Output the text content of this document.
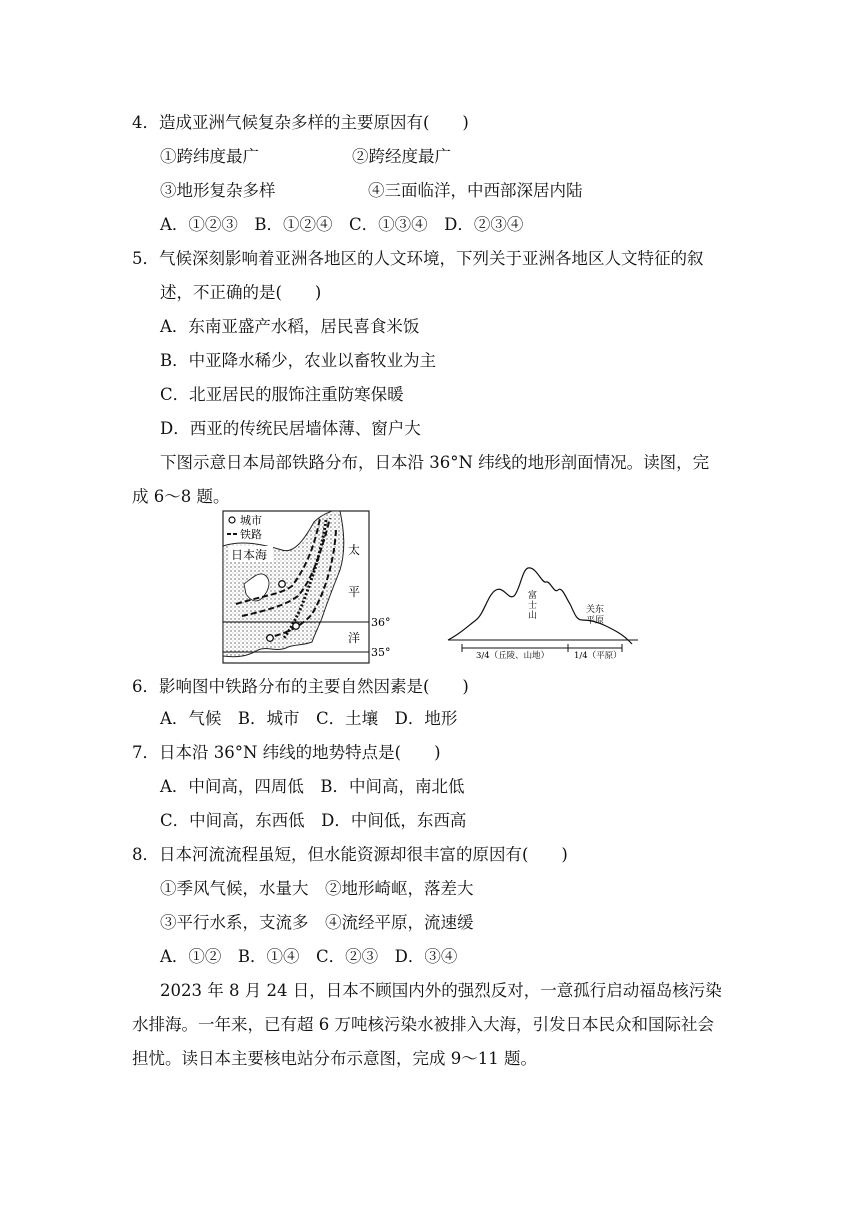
4．造成亚洲气候复杂多样的主要原因有(　　)
①跨纬度最广	②跨经度最广
③地形复杂多样	④三面临洋，中西部深居内陆
A．①②③　B．①②④　C．①③④　D．②③④
5．气候深刻影响着亚洲各地区的人文环境，下列关于亚洲各地区人文特征的叙
述，不正确的是(　　)
A．东南亚盛产水稻，居民喜食米饭
B．中亚降水稀少，农业以畜牧业为主
C．北亚居民的服饰注重防寒保暖
D．西亚的传统民居墙体薄、窗户大
下图示意日本局部铁路分布，日本沿 36°N 纬线的地形剖面情况。读图，完
成 6～8 题。
城市
铁路
日本海	太
平
洋
36°
35°
富
士
山
关东
平原
3/4（丘陵、山地）	1/4（平原）
6．影响图中铁路分布的主要自然因素是(　　)
A．气候　B．城市　C．土壤　D．地形
7．日本沿 36°N 纬线的地势特点是(　　)
A．中间高，四周低　B．中间高，南北低
C．中间高，东西低　D．中间低，东西高
8．日本河流流程虽短，但水能资源却很丰富的原因有(　　)
①季风气候，水量大　②地形崎岖，落差大
③平行水系，支流多　④流经平原，流速缓
A．①②　B．①④　C．②③　D．③④
2023 年 8 月 24 日，日本不顾国内外的强烈反对，一意孤行启动福岛核污染
水排海。一年来，已有超 6 万吨核污染水被排入大海，引发日本民众和国际社会
担忧。读日本主要核电站分布示意图，完成 9～11 题。
